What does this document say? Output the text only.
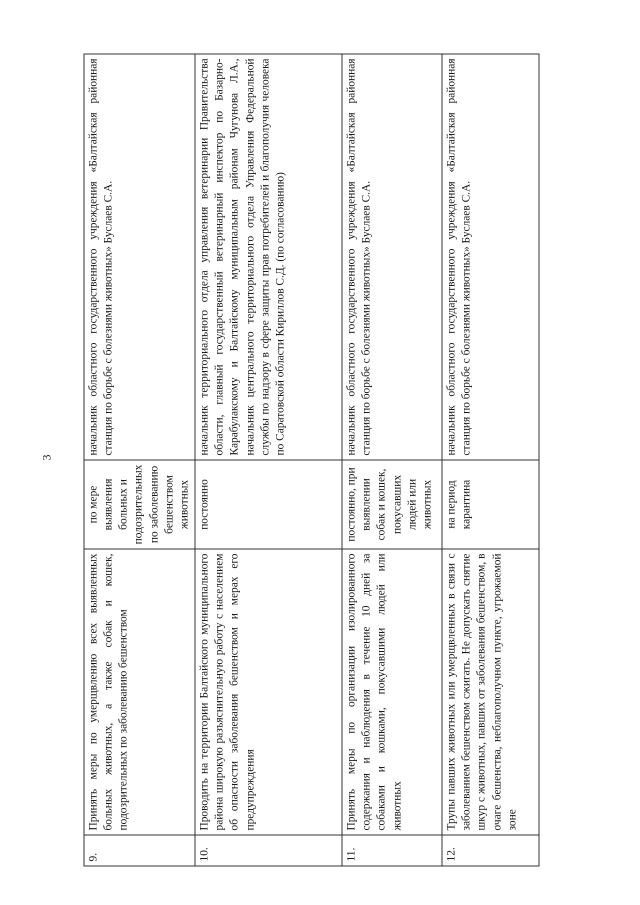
3
9.	Принять меры по умерщвлению всех выявленных больных животных, а также собак и кошек, подозрительных по заболеванию бешенством	по мере выявления больных и подозрительных по заболеванию бешенством животных	начальник областного государственного учреждения «Балтайская районная станция по борьбе с болезнями животных» Буслаев С.А.
10.	Проводить на территории Балтайского муниципального района широкую разъяснительную работу с населением об опасности заболевания бешенством и мерах его предупреждения	постоянно	начальник территориального отдела управления ветеринарии Правительства области, главный государственный ветеринарный инспектор по Базарно-Карабулакскому и Балтайскому муниципальным районам Чугунова Л.А., начальник центрального территориального отдела Управления Федеральной службы по надзору в сфере защиты прав потребителей и благополучия человека по Саратовской области Кириллов С.Д. (по согласованию)
11.	Принять меры по организации изолированного содержания и наблюдения в течение 10 дней за собаками и кошками, покусавшими людей или животных	постоянно, при выявлении собак и кошек, покусавших людей или животных	начальник областного государственного учреждения «Балтайская районная станция по борьбе с болезнями животных» Буслаев С.А.
12.	Трупы павших животных или умерщвленных в связи с заболеванием бешенством сжигать. Не допускать снятие шкур с животных, павших от заболевания бешенством, в очаге бешенства, неблагополучном пункте, угрожаемой зоне	на период карантина	начальник областного государственного учреждения «Балтайская районная станция по борьбе с болезнями животных» Буслаев С.А.
